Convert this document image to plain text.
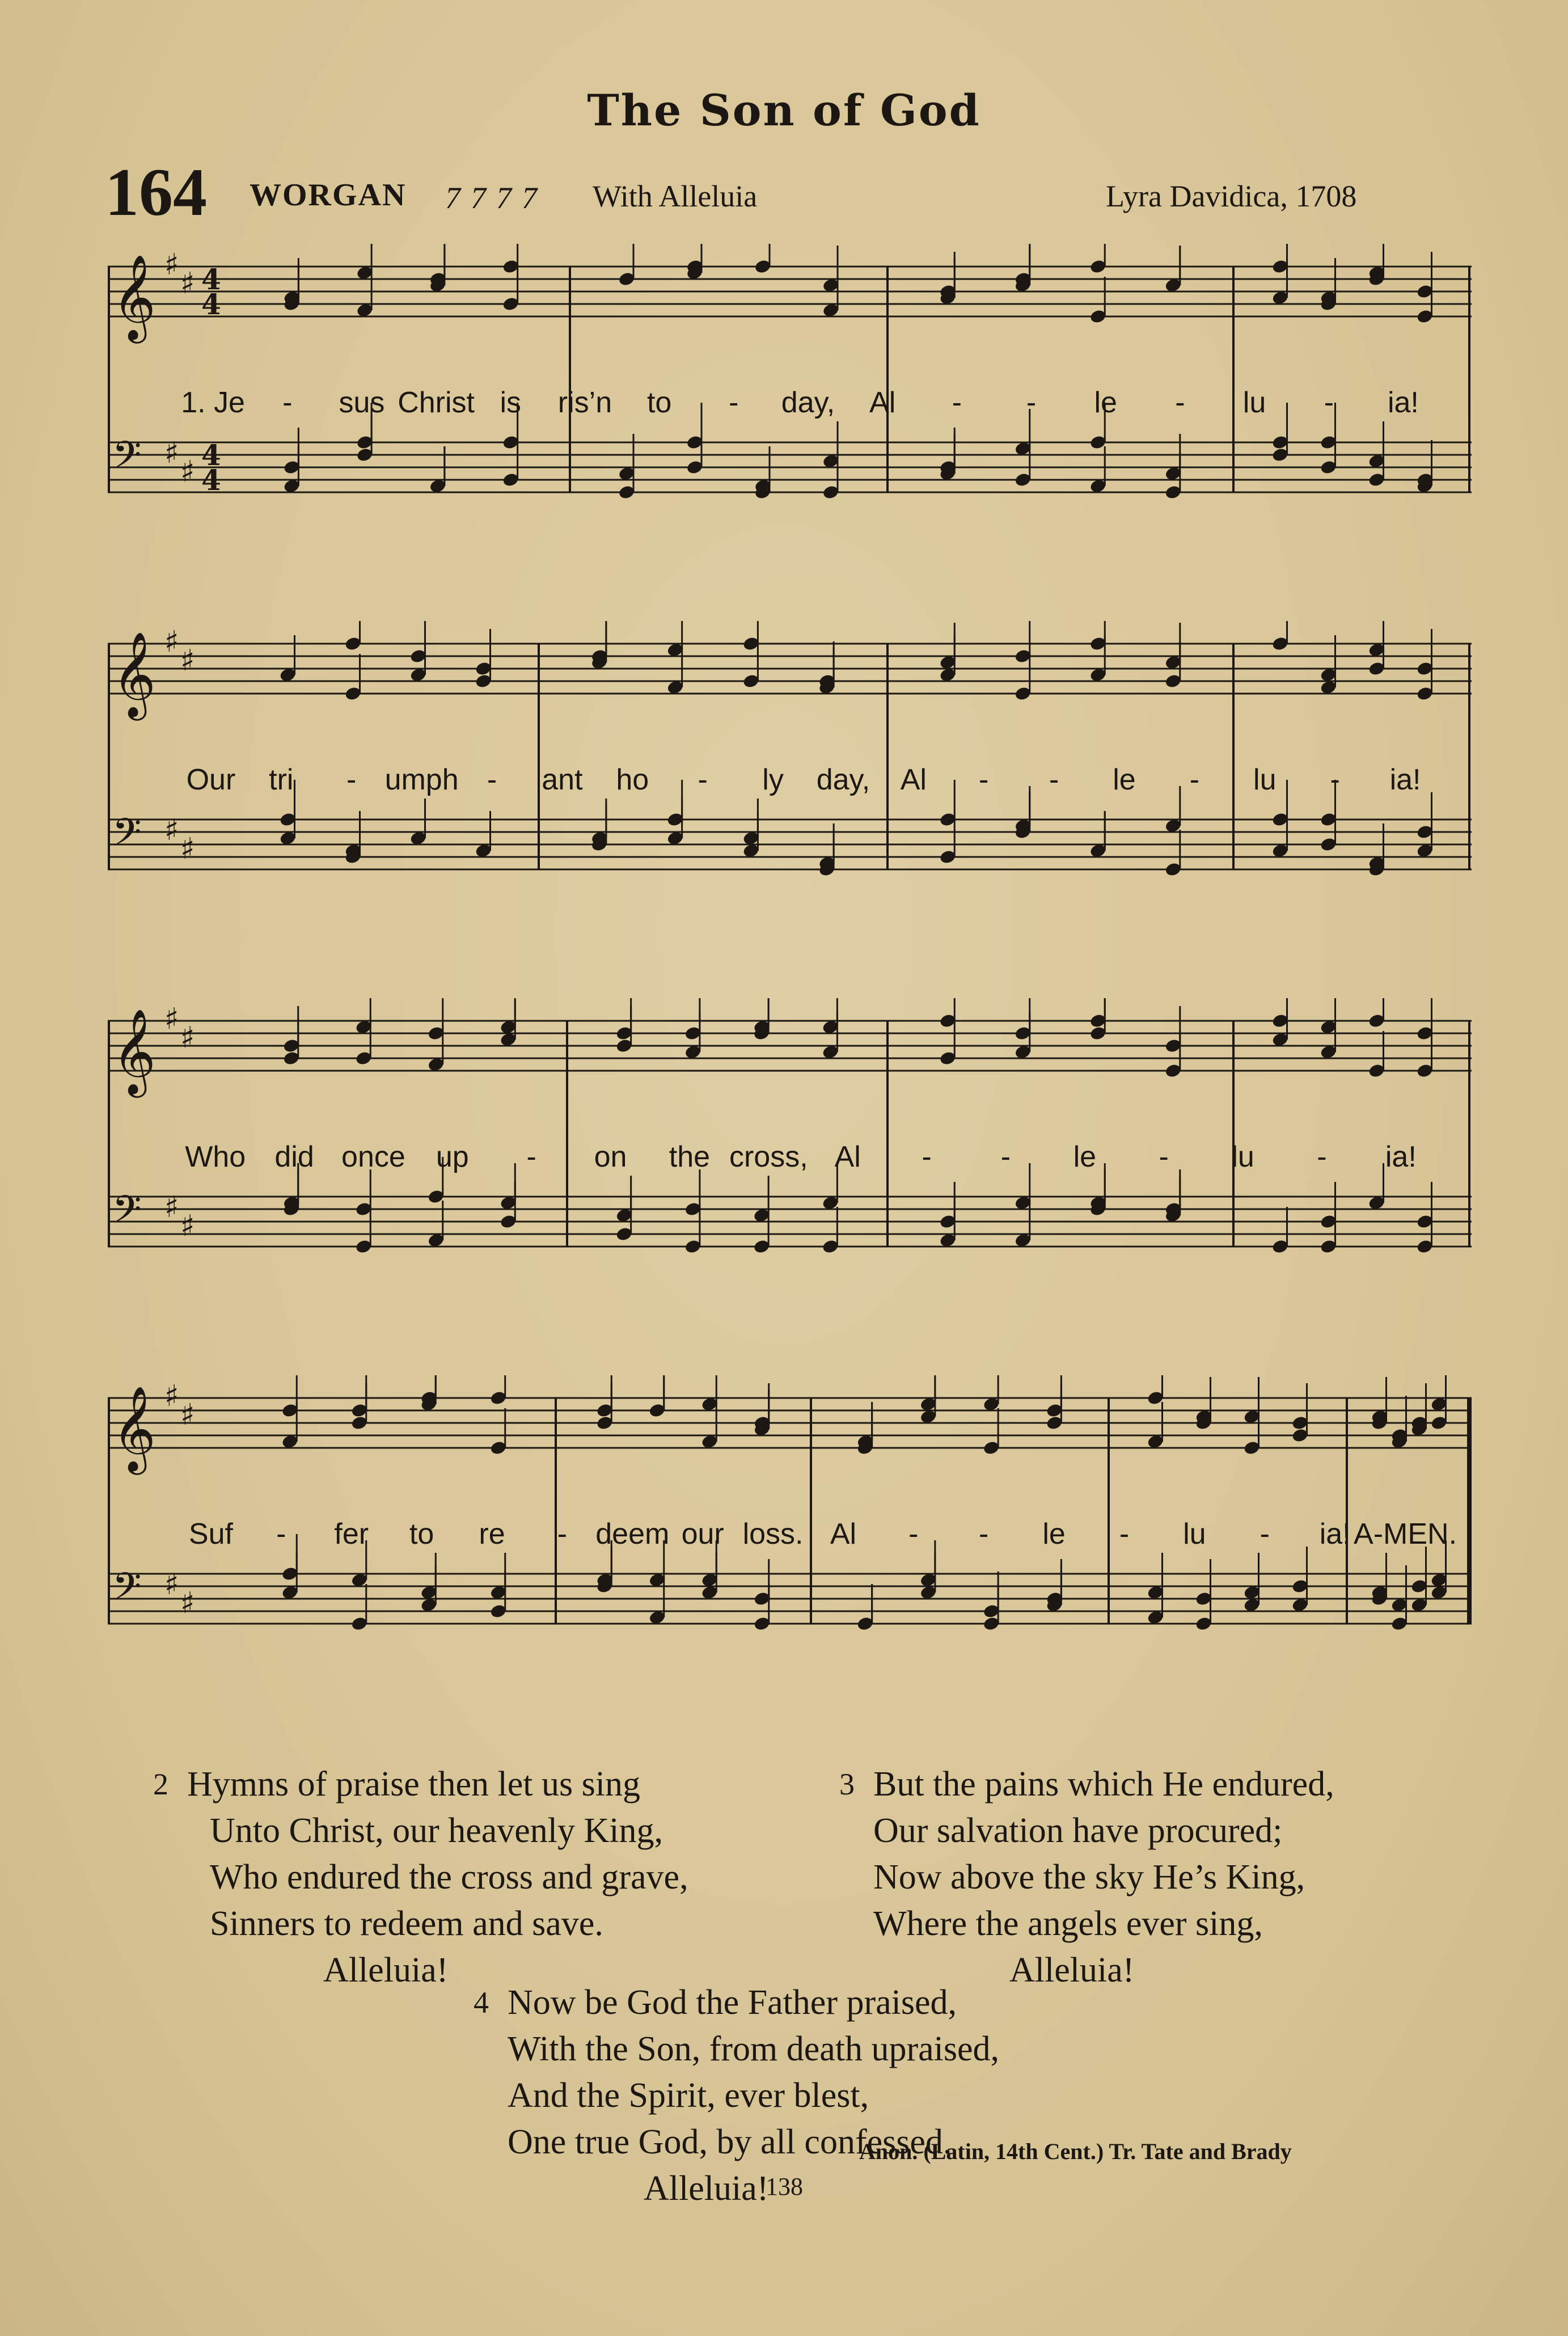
The Son of God
164 WORGAN 7777 With Alleluia	Lyra Davidica, 1708
𝄞 ♯
♯ 4
4
𝄢 ♯
♯ 4
4
1. Je - sus Christ is ris’n to - day, Al - - le - lu - ia!
𝄞 ♯
♯
𝄢 ♯
♯
Our tri - umph - ant ho - ly day, Al - - le - lu - ia!
𝄞 ♯
♯
𝄢 ♯
♯
Who did once up - on the cross, Al - - le - lu - ia!
𝄞 ♯
♯
𝄢 ♯
♯
Suf - fer to re - deem our loss. Al - - le - lu - ia! A-MEN.
2 Hymns of praise then let us sing
Unto Christ, our heavenly King,
Who endured the cross and grave,
Sinners to redeem and save.
Alleluia!
3 But the pains which He endured,
Our salvation have procured;
Now above the sky He’s King,
Where the angels ever sing,
Alleluia!
4 Now be God the Father praised,
With the Son, from death upraised,
And the Spirit, ever blest,
One true God, by all confessed.
Alleluia!
Anon. (Latin, 14th Cent.) Tr. Tate and Brady
138
